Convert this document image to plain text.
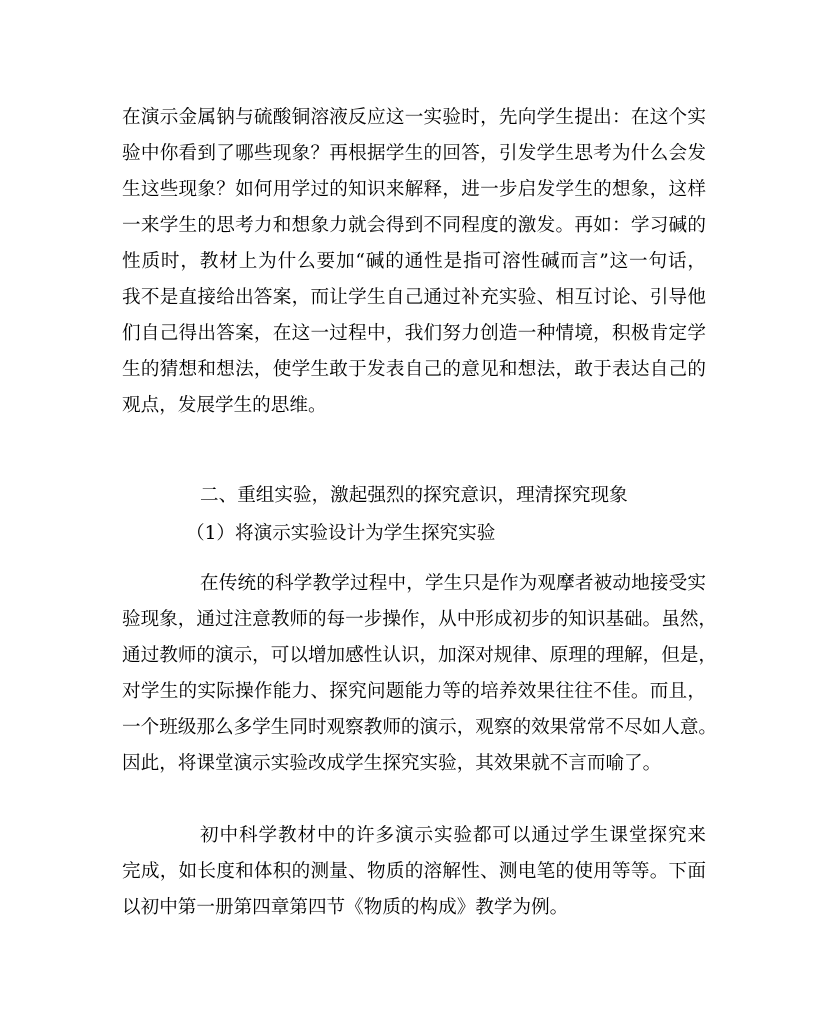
在演示金属钠与硫酸铜溶液反应这一实验时，先向学生提出：在这个实
验中你看到了哪些现象？再根据学生的回答，引发学生思考为什么会发
生这些现象？如何用学过的知识来解释，进一步启发学生的想象，这样
一来学生的思考力和想象力就会得到不同程度的激发。再如：学习碱的
性质时，教材上为什么要加“碱的通性是指可溶性碱而言”这一句话，
我不是直接给出答案，而让学生自己通过补充实验、相互讨论、引导他
们自己得出答案，在这一过程中，我们努力创造一种情境，积极肯定学
生的猜想和想法，使学生敢于发表自己的意见和想法，敢于表达自己的
观点，发展学生的思维。
二、重组实验，激起强烈的探究意识，理清探究现象
（1）将演示实验设计为学生探究实验
在传统的科学教学过程中，学生只是作为观摩者被动地接受实
验现象，通过注意教师的每一步操作，从中形成初步的知识基础。虽然，
通过教师的演示，可以增加感性认识，加深对规律、原理的理解，但是，
对学生的实际操作能力、探究问题能力等的培养效果往往不佳。而且，
一个班级那么多学生同时观察教师的演示，观察的效果常常不尽如人意。
因此，将课堂演示实验改成学生探究实验，其效果就不言而喻了。
初中科学教材中的许多演示实验都可以通过学生课堂探究来
完成，如长度和体积的测量、物质的溶解性、测电笔的使用等等。下面
以初中第一册第四章第四节《物质的构成》教学为例。
